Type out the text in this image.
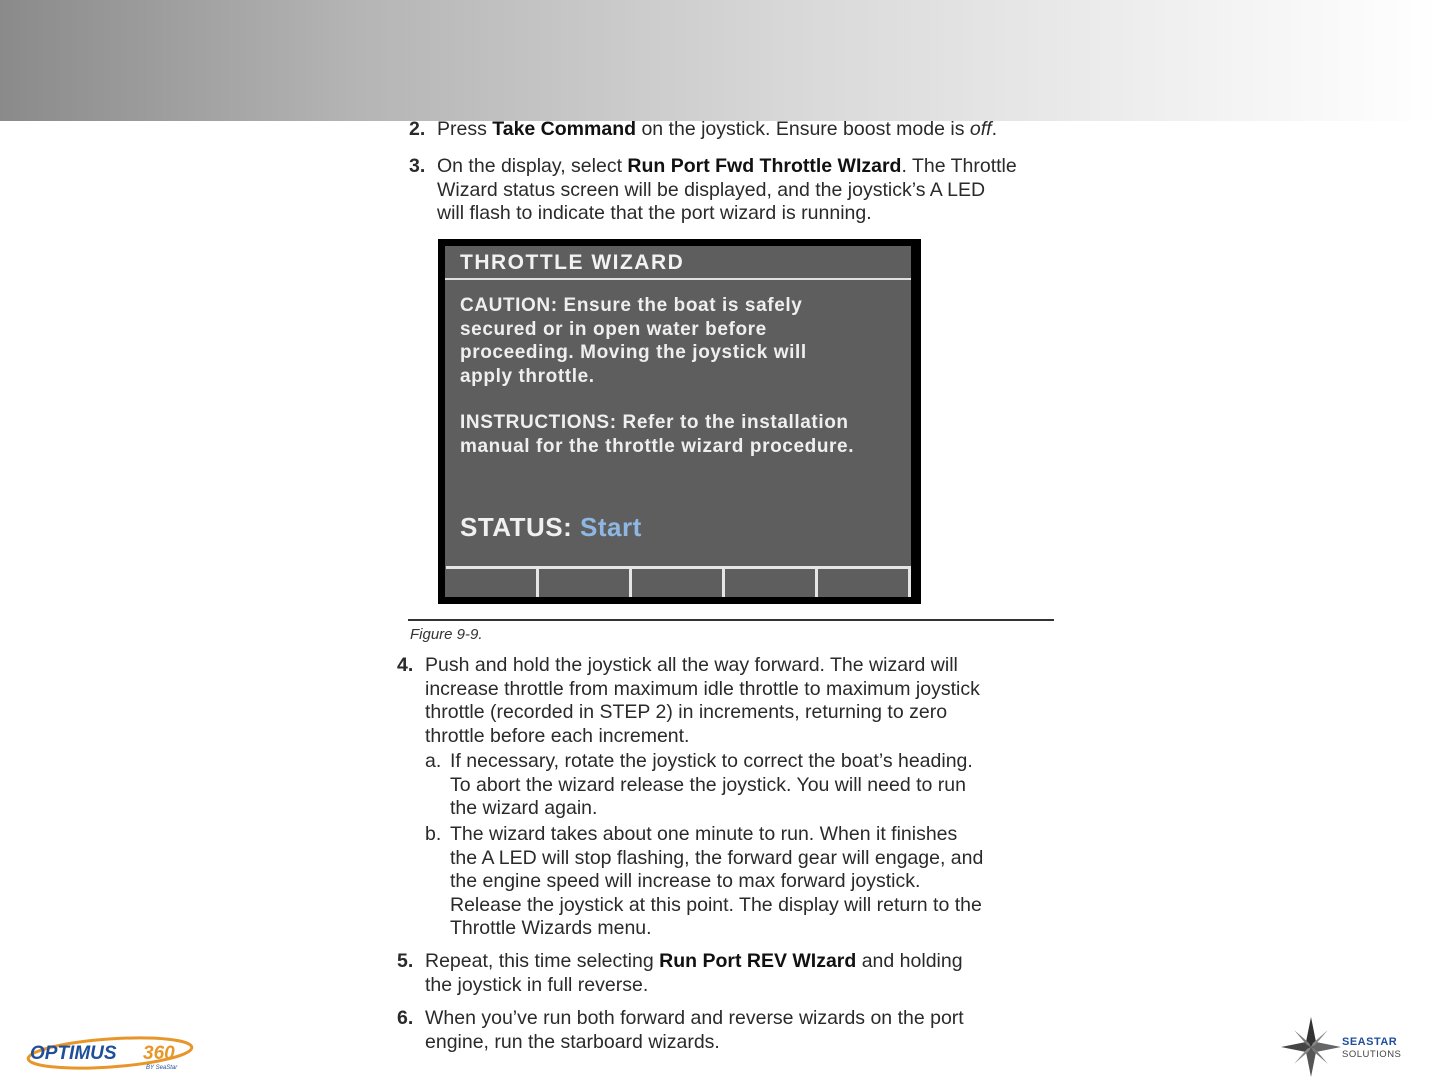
2. Press Take Command on the joystick. Ensure boost mode is off.
3. On the display, select Run Port Fwd Throttle WIzard. The Throttle
Wizard status screen will be displayed, and the joystick’s A LED
will flash to indicate that the port wizard is running.
THROTTLE WIZARD
CAUTION: Ensure the boat is safely
secured or in open water before
proceeding. Moving the joystick will
apply throttle.
INSTRUCTIONS: Refer to the installation
manual for the throttle wizard procedure.
STATUS: Start
Figure 9-9.
4. Push and hold the joystick all the way forward. The wizard will
increase throttle from maximum idle throttle to maximum joystick
throttle (recorded in STEP 2) in increments, returning to zero
throttle before each increment.
a. If necessary, rotate the joystick to correct the boat’s heading.
To abort the wizard release the joystick. You will need to run
the wizard again.
b. The wizard takes about one minute to run. When it finishes
the A LED will stop flashing, the forward gear will engage, and
the engine speed will increase to max forward joystick.
Release the joystick at this point. The display will return to the
Throttle Wizards menu.
5. Repeat, this time selecting Run Port REV WIzard and holding
the joystick in full reverse.
6. When you’ve run both forward and reverse wizards on the port
engine, run the starboard wizards.
OPTIMUS 360
BY SeaStar
SEASTAR
SOLUTIONS
